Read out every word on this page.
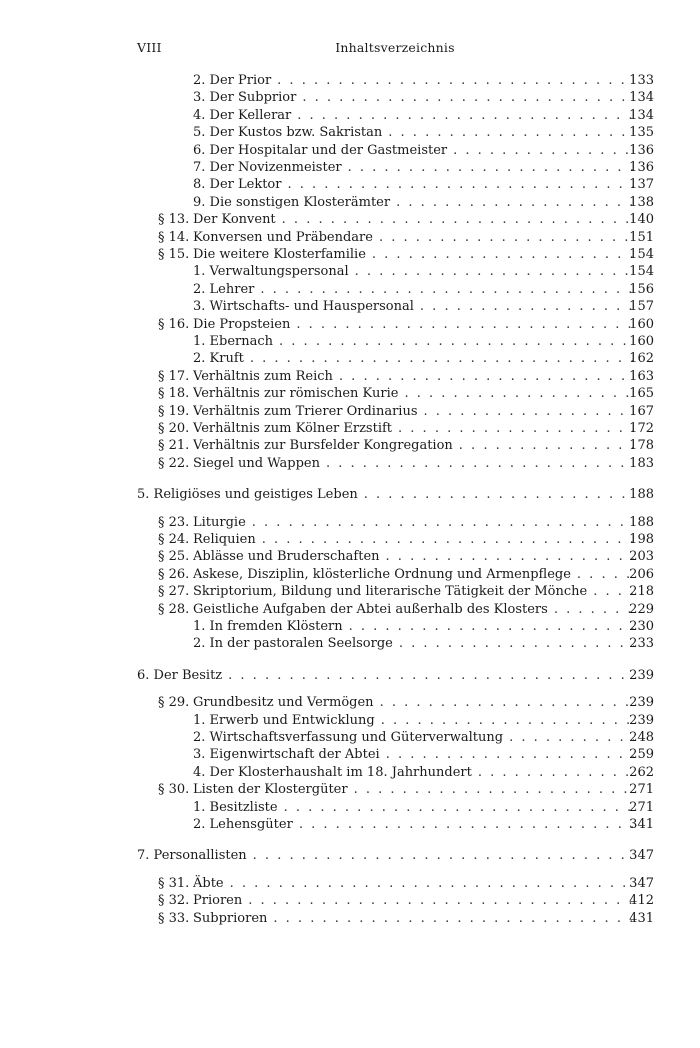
VIII	Inhaltsverzeichnis
2. Der Prior . . .	133
3. Der Subprior . . .	134
4. Der Kellerar . . .	134
5. Der Kustos bzw. Sakristan . . .	135
6. Der Hospitalar und der Gastmeister . . .	136
7. Der Novizenmeister . . .	136
8. Der Lektor . . .	137
9. Die sonstigen Klosterämter . . .	138
§ 13. Der Konvent . . .	140
§ 14. Konversen und Präbendare . . .	151
§ 15. Die weitere Klosterfamilie . . .	154
1. Verwaltungspersonal . . .	154
2. Lehrer . . .	156
3. Wirtschafts- und Hauspersonal . . .	157
§ 16. Die Propsteien . . .	160
1. Ebernach . . .	160
2. Kruft . . .	162
§ 17. Verhältnis zum Reich . . .	163
§ 18. Verhältnis zur römischen Kurie . . .	165
§ 19. Verhältnis zum Trierer Ordinarius . . .	167
§ 20. Verhältnis zum Kölner Erzstift . . .	172
§ 21. Verhältnis zur Bursfelder Kongregation . . .	178
§ 22. Siegel und Wappen . . .	183
5. Religiöses und geistiges Leben . . .	188
§ 23. Liturgie . . .	188
§ 24. Reliquien . . .	198
§ 25. Ablässe und Bruderschaften . . .	203
§ 26. Askese, Disziplin, klösterliche Ordnung und Armenpflege . . .	206
§ 27. Skriptorium, Bildung und literarische Tätigkeit der Mönche . . .	218
§ 28. Geistliche Aufgaben der Abtei außerhalb des Klosters . . .	229
1. In fremden Klöstern . . .	230
2. In der pastoralen Seelsorge . . .	233
6. Der Besitz . . .	239
§ 29. Grundbesitz und Vermögen . . .	239
1. Erwerb und Entwicklung . . .	239
2. Wirtschaftsverfassung und Güterverwaltung . . .	248
3. Eigenwirtschaft der Abtei . . .	259
4. Der Klosterhaushalt im 18. Jahrhundert . . .	262
§ 30. Listen der Klostergüter . . .	271
1. Besitzliste . . .	271
2. Lehensgüter . . .	341
7. Personallisten . . .	347
§ 31. Äbte . . .	347
§ 32. Prioren . . .	412
§ 33. Subprioren . . .	431
